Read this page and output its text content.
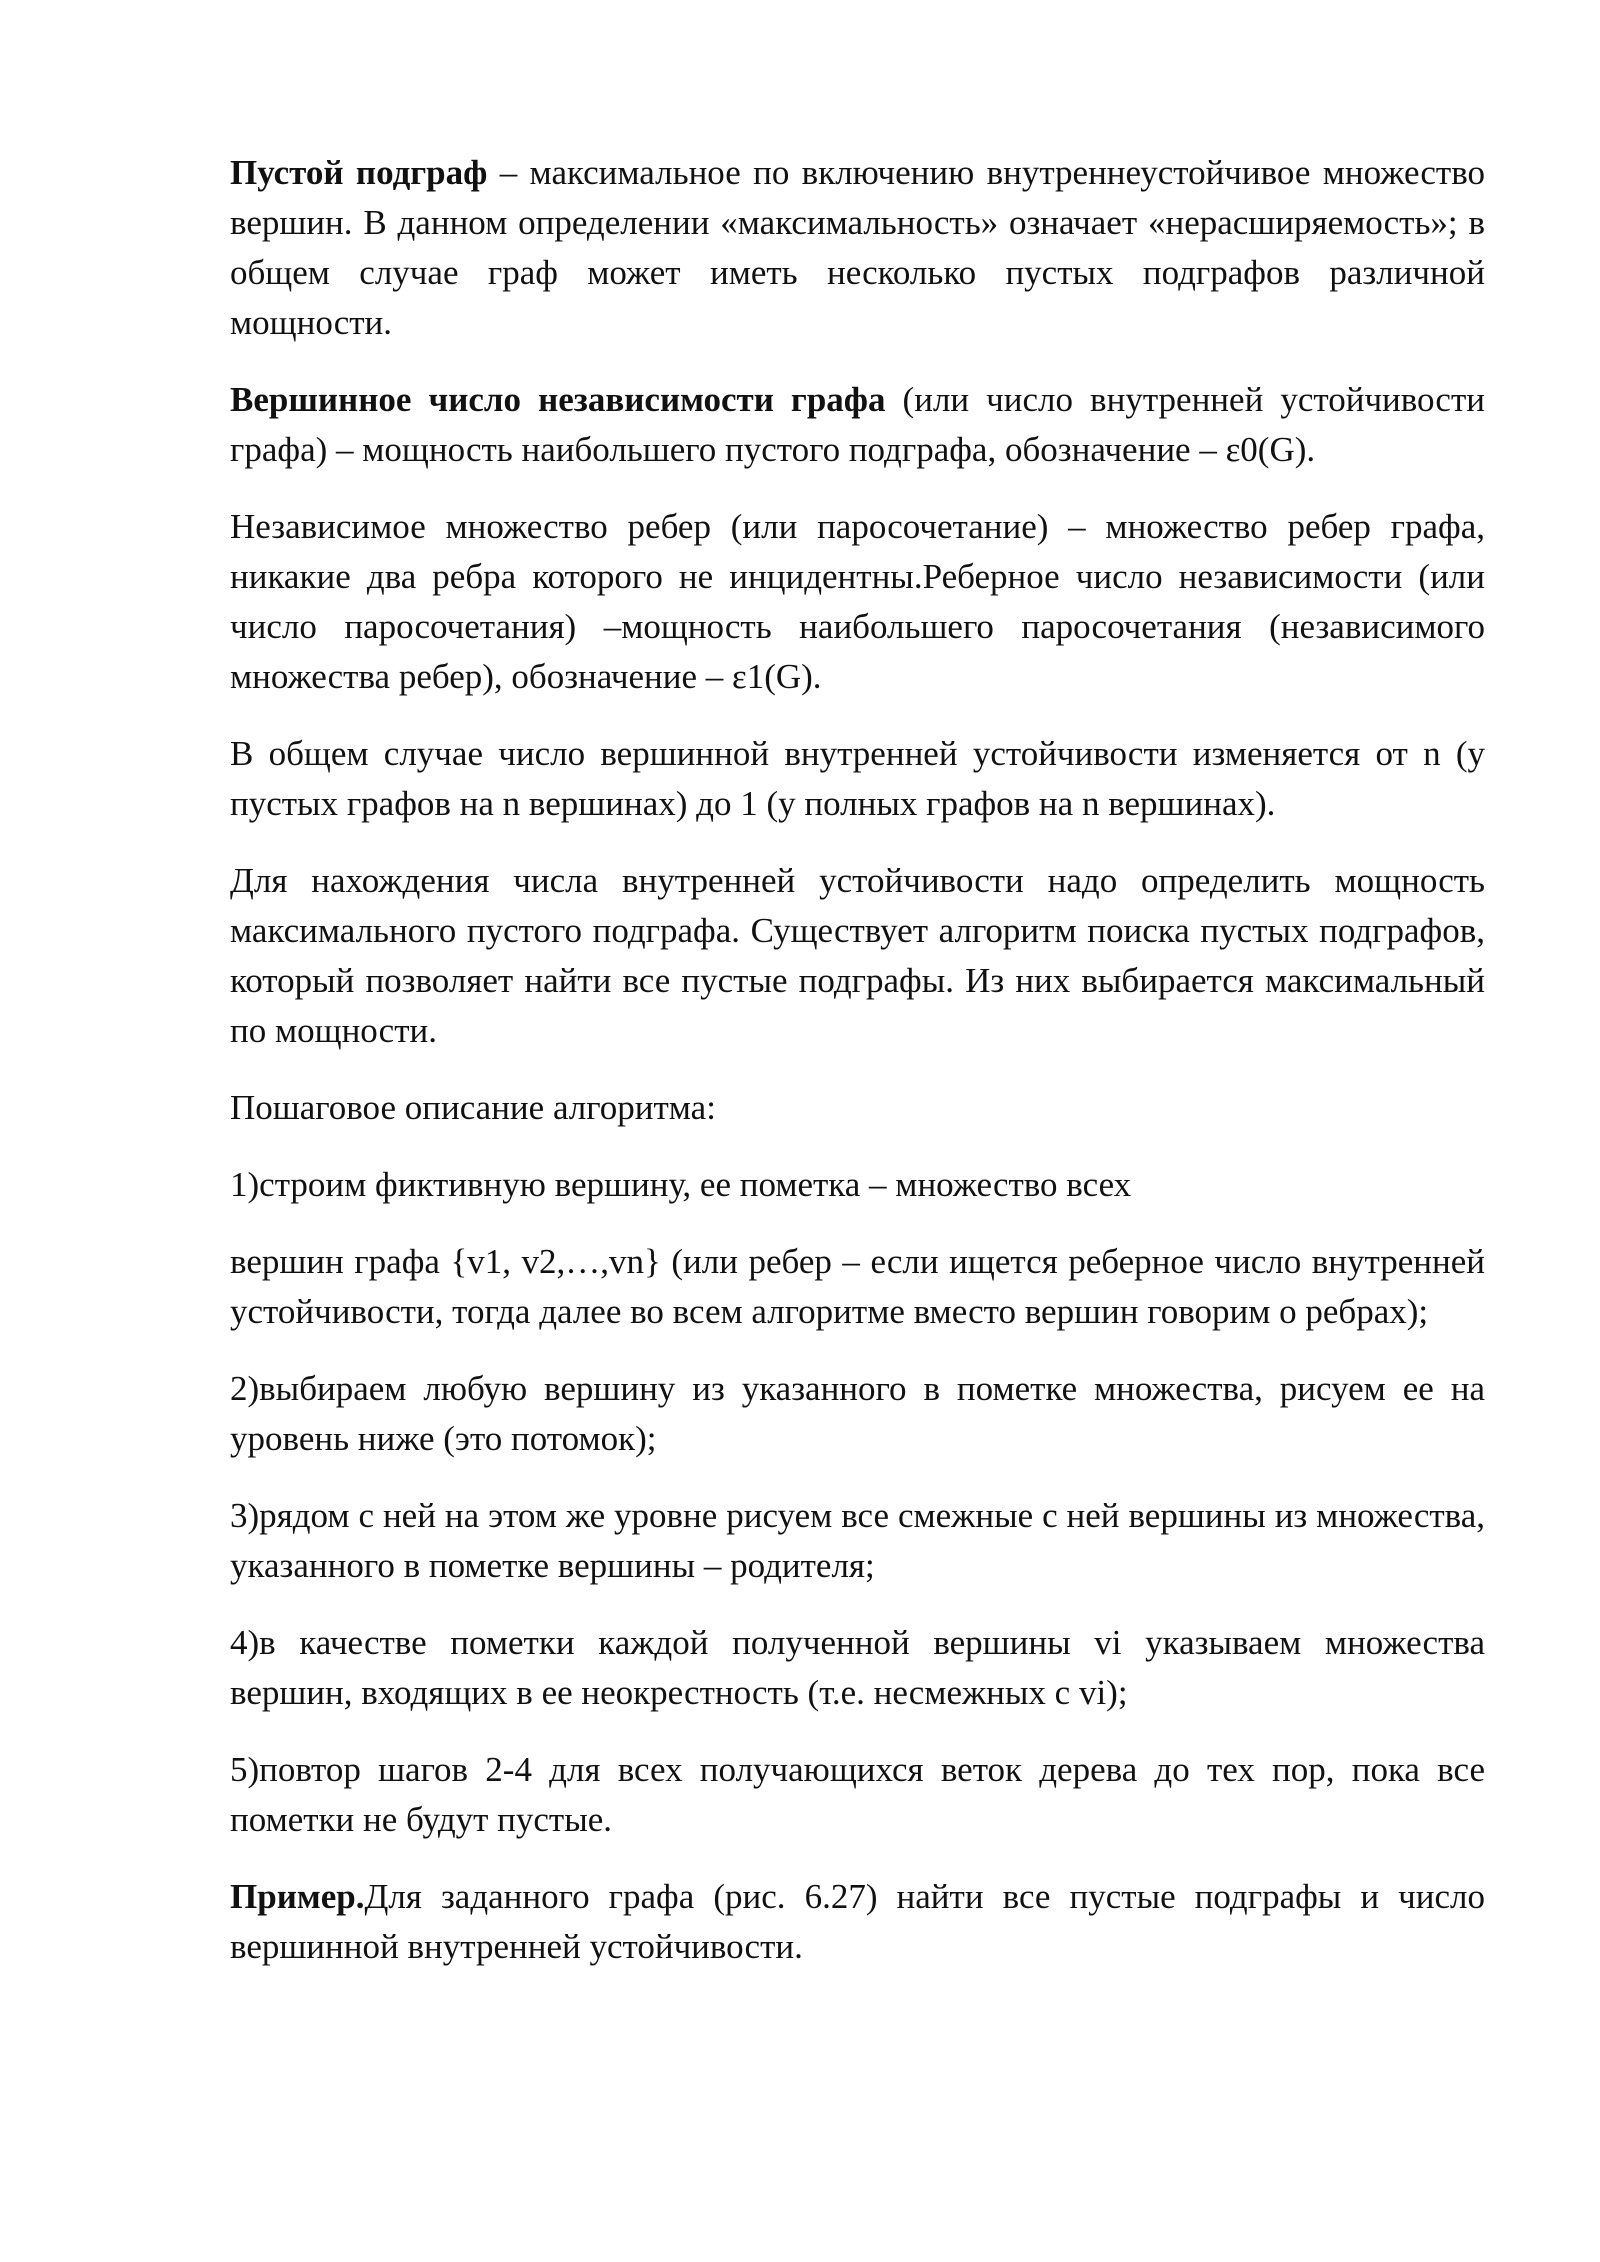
Пустой подграф – максимальное по включению внутреннеустойчивое множество вершин. В данном определении «максимальность» означает «нерасширяемость»; в общем случае граф может иметь несколько пустых подграфов различной мощности.

Вершинное число независимости графа (или число внутренней устойчивости графа) – мощность наибольшего пустого подграфа, обозначение – ε0(G).

Независимое множество ребер (или паросочетание) – множество ребер графа, никакие два ребра которого не инцидентны.Реберное число независимости (или число паросочетания) –мощность наибольшего паросочетания (независимого множества ребер), обозначение – ε1(G).

В общем случае число вершинной внутренней устойчивости изменяется от n (у пустых графов на n вершинах) до 1 (у полных графов на n вершинах).

Для нахождения числа внутренней устойчивости надо определить мощность максимального пустого подграфа. Существует алгоритм поиска пустых подграфов, который позволяет найти все пустые подграфы. Из них выбирается максимальный по мощности.

Пошаговое описание алгоритма:

1)строим фиктивную вершину, ее пометка – множество всех

вершин графа {v1, v2,…,vn} (или ребер – если ищется реберное число внутренней устойчивости, тогда далее во всем алгоритме вместо вершин говорим о ребрах);

2)выбираем любую вершину из указанного в пометке множества, рисуем ее на уровень ниже (это потомок);

3)рядом с ней на этом же уровне рисуем все смежные с ней вершины из множества, указанного в пометке вершины – родителя;

4)в качестве пометки каждой полученной вершины vi указываем множества вершин, входящих в ее неокрестность (т.е. несмежных с vi);

5)повтор шагов 2-4 для всех получающихся веток дерева до тех пор, пока все пометки не будут пустые.

Пример.Для заданного графа (рис. 6.27) найти все пустые подграфы и число вершинной внутренней устойчивости.
